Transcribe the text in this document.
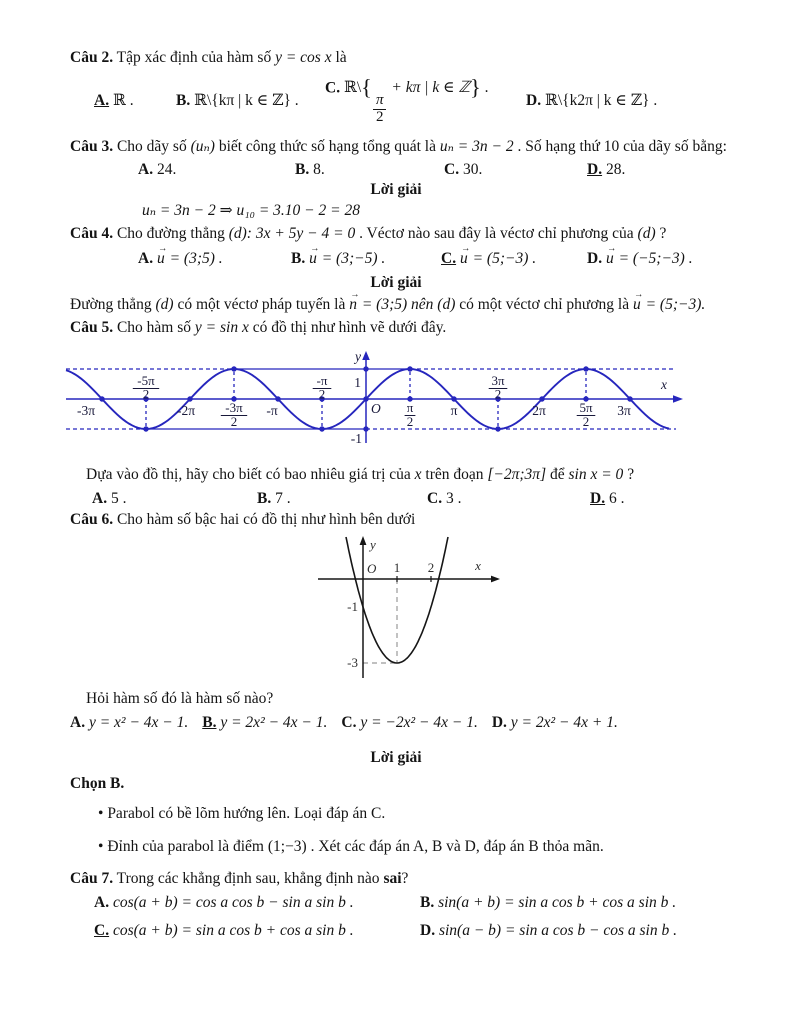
Câu 2. Tập xác định của hàm số y = cos x là

A. ℝ .	B. ℝ\{kπ | k ∈ ℤ} .
C. ℝ\{
$\frac{\pi}{2}$
+ kπ | k ∈ ℤ} .
D. ℝ\{k2π | k ∈ ℤ} .

Câu 3. Cho dãy số (uₙ) biết công thức số hạng tổng quát là uₙ = 3n − 2 . Số hạng thứ 10 của dãy số bằng:

A. 24.	B. 8.	C. 30.	D. 28.

Lời giải

uₙ = 3n − 2 ⇒ u₁₀ = 3.10 − 2 = 28

Câu 4. Cho đường thẳng (d): 3x + 5y − 4 = 0 . Véctơ nào sau đây là véctơ chỉ phương của (d) ?

A. u → = (3;5) .	B. u → = (3;−5) .	C. u → = (5;−3) .	D. u → = (−5;−3) .

Lời giải

Đường thẳng (d) có một véctơ pháp tuyến là n → = (3;5) nên (d) có một véctơ chỉ phương là u → = (5;−3).

Câu 5. Cho hàm số y = sin x có đồ thị như hình vẽ dưới đây.

-3π
-5π
2
-2π -3π
2
-π
-π
2
π
2
π
3π
2
2π	5π
2
3π
1
-1
O
y
x

Dựa vào đồ thị, hãy cho biết có bao nhiêu giá trị của x trên đoạn [−2π;3π] để sin x = 0 ?

A. 5 .	B. 7 .	C. 3 .	D. 6 .

Câu 6. Cho hàm số bậc hai có đồ thị như hình bên dưới

O 1 2
-1
-3
x
y

Hỏi hàm số đó là hàm số nào?

A. y = x² − 4x − 1. B. y = 2x² − 4x − 1. C. y = −2x² − 4x − 1. D. y = 2x² − 4x + 1.

Lời giải

Chọn B.

• Parabol có bề lõm hướng lên. Loại đáp án C.

• Đỉnh của parabol là điểm (1;−3) . Xét các đáp án A, B và D, đáp án B thỏa mãn.

Câu 7. Trong các khẳng định sau, khẳng định nào sai?

A. cos(a + b) = cos a cos b − sin a sin b .	B. sin(a + b) = sin a cos b + cos a sin b .
C. cos(a + b) = sin a cos b + cos a sin b .	D. sin(a − b) = sin a cos b − cos a sin b .
